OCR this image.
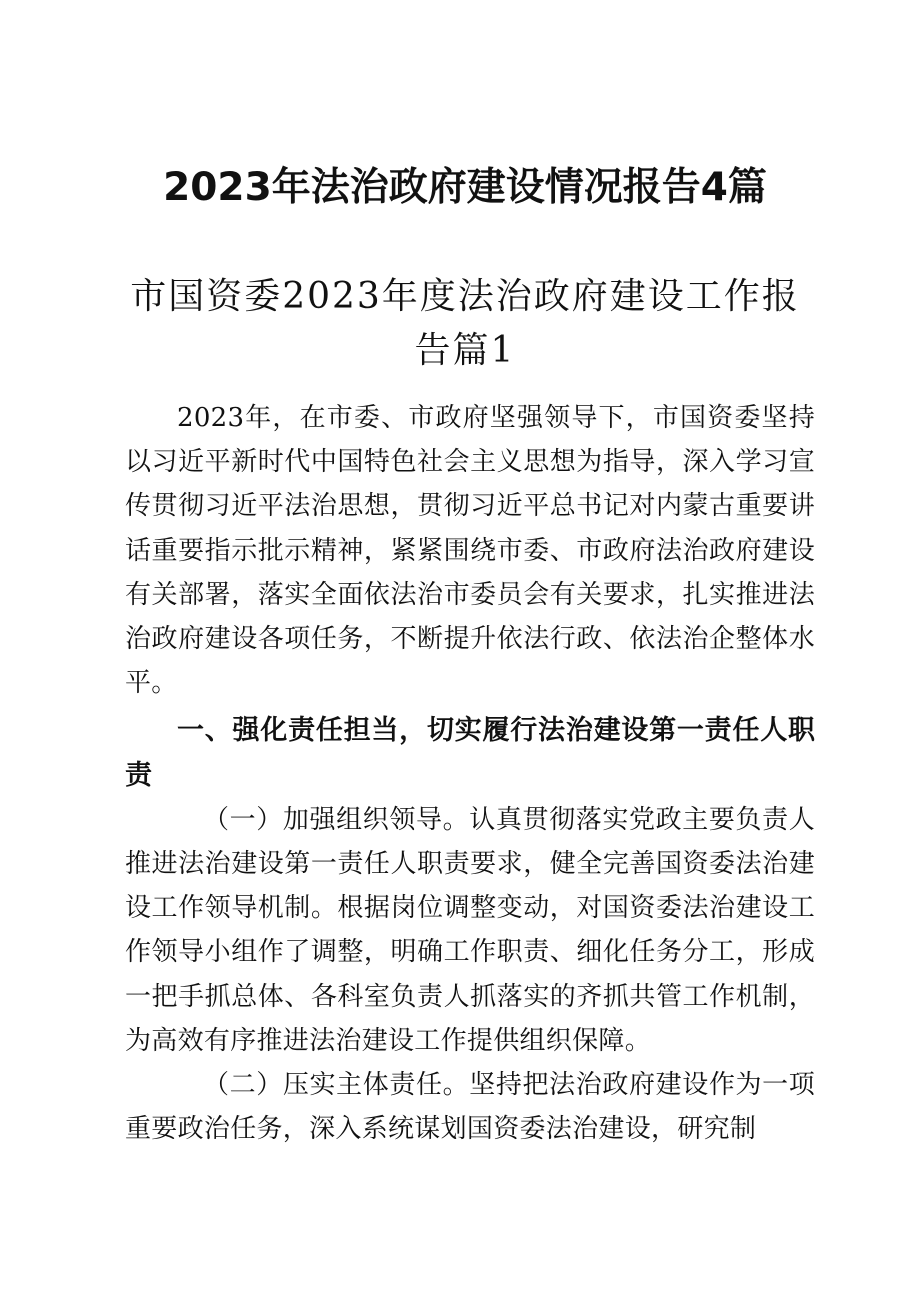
2023年法治政府建设情况报告4篇
市国资委2023年度法治政府建设工作报
告篇1

2023年，在市委、市政府坚强领导下，市国资委坚持以习近平新时代中国特色社会主义思想为指导，深入学习宣传贯彻习近平法治思想，贯彻习近平总书记对内蒙古重要讲话重要指示批示精神，紧紧围绕市委、市政府法治政府建设有关部署，落实全面依法治市委员会有关要求，扎实推进法治政府建设各项任务，不断提升依法行政、依法治企整体水平。

一、强化责任担当，切实履行法治建设第一责任人职责

（一）加强组织领导。认真贯彻落实党政主要负责人推进法治建设第一责任人职责要求，健全完善国资委法治建设工作领导机制。根据岗位调整变动，对国资委法治建设工作领导小组作了调整，明确工作职责、细化任务分工，形成一把手抓总体、各科室负责人抓落实的齐抓共管工作机制，为高效有序推进法治建设工作提供组织保障。

（二）压实主体责任。坚持把法治政府建设作为一项重要政治任务，深入系统谋划国资委法治建设，研究制
